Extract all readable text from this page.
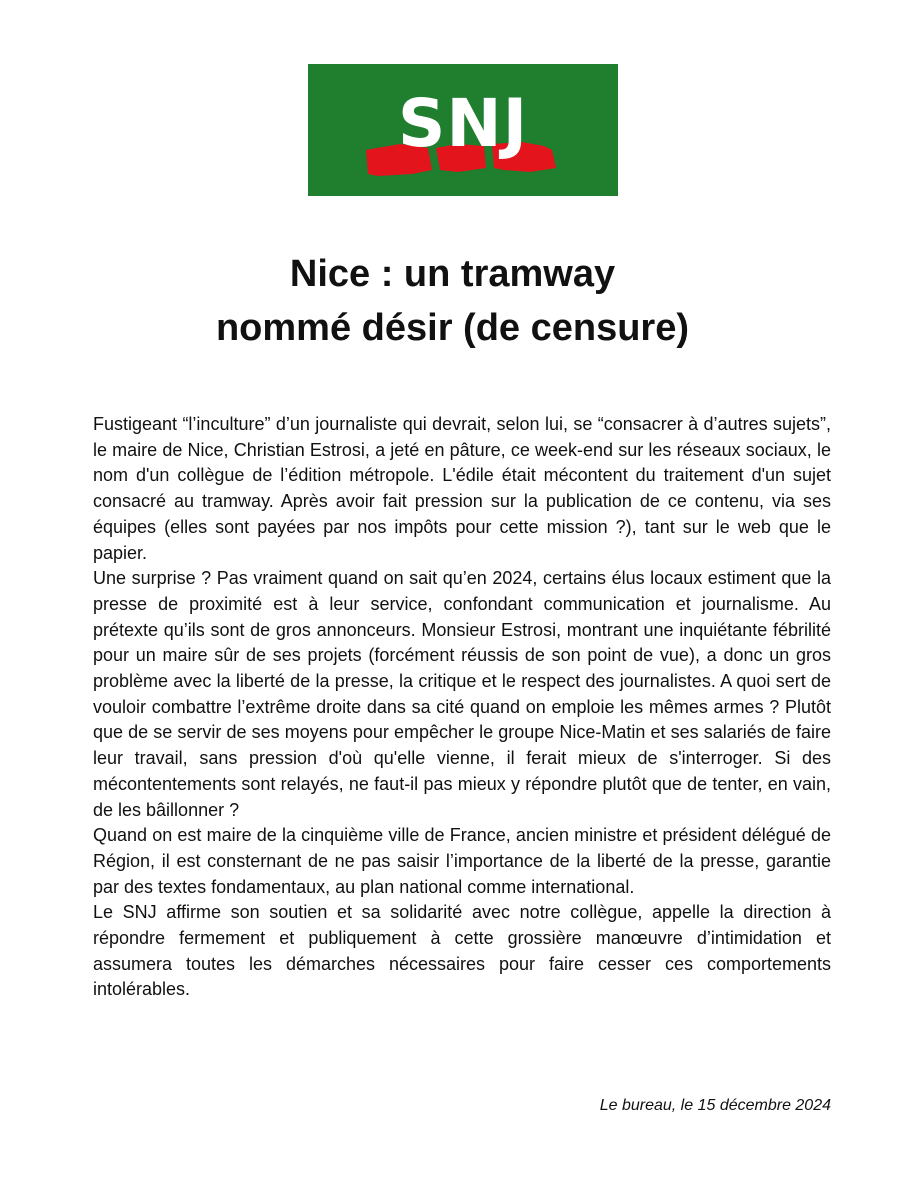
SNJ
Nice : un tramway
nommé désir (de censure)

Fustigeant “l’inculture” d’un journaliste qui devrait, selon lui, se “consacrer à d’autres sujets”, le maire de Nice, Christian Estrosi, a jeté en pâture, ce week-end sur les réseaux sociaux, le nom d'un collègue de l’édition métropole. L'édile était mécontent du traitement d'un sujet consacré au tramway. Après avoir fait pression sur la publication de ce contenu, via ses équipes (elles sont payées par nos impôts pour cette mission ?), tant sur le web que le papier.

Une surprise ? Pas vraiment quand on sait qu’en 2024, certains élus locaux estiment que la presse de proximité est à leur service, confondant communication et journalisme. Au prétexte qu’ils sont de gros annonceurs. Monsieur Estrosi, montrant une inquiétante fébrilité pour un maire sûr de ses projets (forcément réussis de son point de vue), a donc un gros problème avec la liberté de la presse, la critique et le respect des journalistes. A quoi sert de vouloir combattre l’extrême droite dans sa cité quand on emploie les mêmes armes ? Plutôt que de se servir de ses moyens pour empêcher le groupe Nice-Matin et ses salariés de faire leur travail, sans pression d'où qu'elle vienne, il ferait mieux de s'interroger. Si des mécontentements sont relayés, ne faut-il pas mieux y répondre plutôt que de tenter, en vain, de les bâillonner ?

Quand on est maire de la cinquième ville de France, ancien ministre et président délégué de Région, il est consternant de ne pas saisir l’importance de la liberté de la presse, garantie par des textes fondamentaux, au plan national comme international.

Le SNJ affirme son soutien et sa solidarité avec notre collègue, appelle la direction à répondre fermement et publiquement à cette grossière manœuvre d’intimidation et assumera toutes les démarches nécessaires pour faire cesser ces comportements intolérables.

Le bureau, le 15 décembre 2024
